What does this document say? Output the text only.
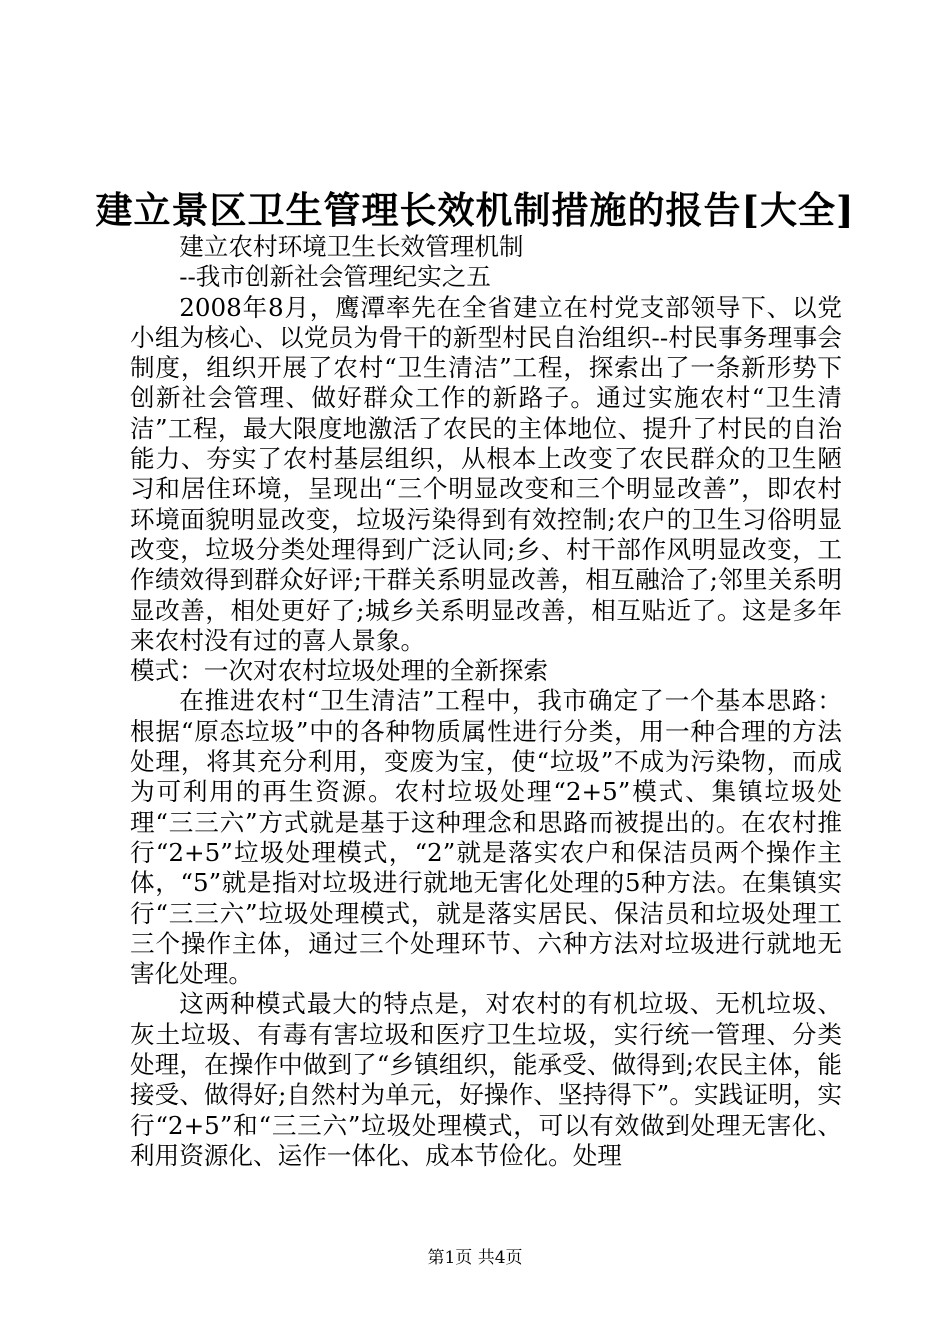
建立景区卫生管理长效机制措施的报告[大全]

建立农村环境卫生长效管理机制

--我市创新社会管理纪实之五

2008年8月，鹰潭率先在全省建立在村党支部领导下、以党小组为核心、以党员为骨干的新型村民自治组织--村民事务理事会制度，组织开展了农村“卫生清洁”工程，探索出了一条新形势下创新社会管理、做好群众工作的新路子。通过实施农村“卫生清洁”工程，最大限度地激活了农民的主体地位、提升了村民的自治能力、夯实了农村基层组织，从根本上改变了农民群众的卫生陋习和居住环境，呈现出“三个明显改变和三个明显改善”，即农村环境面貌明显改变，垃圾污染得到有效控制;农户的卫生习俗明显改变，垃圾分类处理得到广泛认同;乡、村干部作风明显改变，工作绩效得到群众好评;干群关系明显改善，相互融洽了;邻里关系明显改善，相处更好了;城乡关系明显改善，相互贴近了。这是多年来农村没有过的喜人景象。

模式：一次对农村垃圾处理的全新探索

在推进农村“卫生清洁”工程中，我市确定了一个基本思路：根据“原态垃圾”中的各种物质属性进行分类，用一种合理的方法处理，将其充分利用，变废为宝，使“垃圾”不成为污染物，而成为可利用的再生资源。农村垃圾处理“2+5”模式、集镇垃圾处理“三三六”方式就是基于这种理念和思路而被提出的。在农村推行“2+5”垃圾处理模式，“2”就是落实农户和保洁员两个操作主体，“5”就是指对垃圾进行就地无害化处理的5种方法。在集镇实行“三三六”垃圾处理模式，就是落实居民、保洁员和垃圾处理工三个操作主体，通过三个处理环节、六种方法对垃圾进行就地无害化处理。

这两种模式最大的特点是，对农村的有机垃圾、无机垃圾、灰土垃圾、有毒有害垃圾和医疗卫生垃圾，实行统一管理、分类处理，在操作中做到了“乡镇组织，能承受、做得到;农民主体，能接受、做得好;自然村为单元，好操作、坚持得下”。实践证明，实行“2+5”和“三三六”垃圾处理模式，可以有效做到处理无害化、利用资源化、运作一体化、成本节俭化。处理

第1页 共4页
